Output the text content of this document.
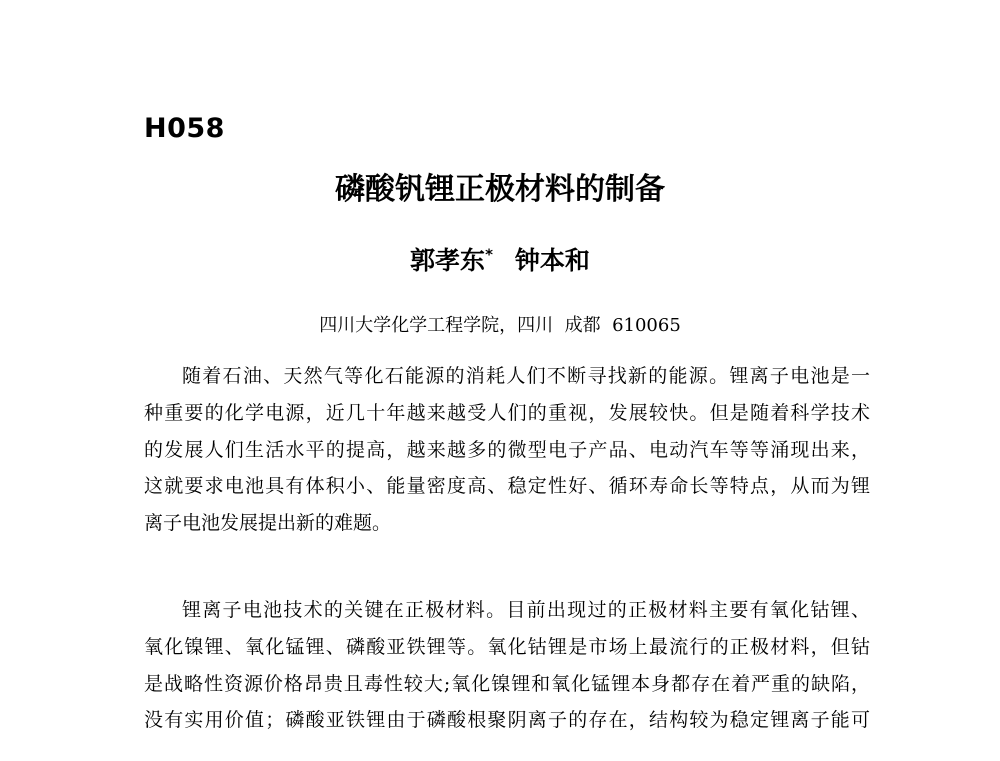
H058
磷酸钒锂正极材料的制备
郭孝东* 钟本和
四川大学化学工程学院，四川  成都  610065
随着石油、天然气等化石能源的消耗人们不断寻找新的能源。锂离子电池是一
种重要的化学电源，近几十年越来越受人们的重视，发展较快。但是随着科学技术
的发展人们生活水平的提高，越来越多的微型电子产品、电动汽车等等涌现出来，
这就要求电池具有体积小、能量密度高、稳定性好、循环寿命长等特点，从而为锂
离子电池发展提出新的难题。
锂离子电池技术的关键在正极材料。目前出现过的正极材料主要有氧化钴锂、
氧化镍锂、氧化锰锂、磷酸亚铁锂等。氧化钴锂是市场上最流行的正极材料，但钴
是战略性资源价格昂贵且毒性较大;氧化镍锂和氧化锰锂本身都存在着严重的缺陷，
没有实用价值；磷酸亚铁锂由于磷酸根聚阴离子的存在，结构较为稳定锂离子能可
